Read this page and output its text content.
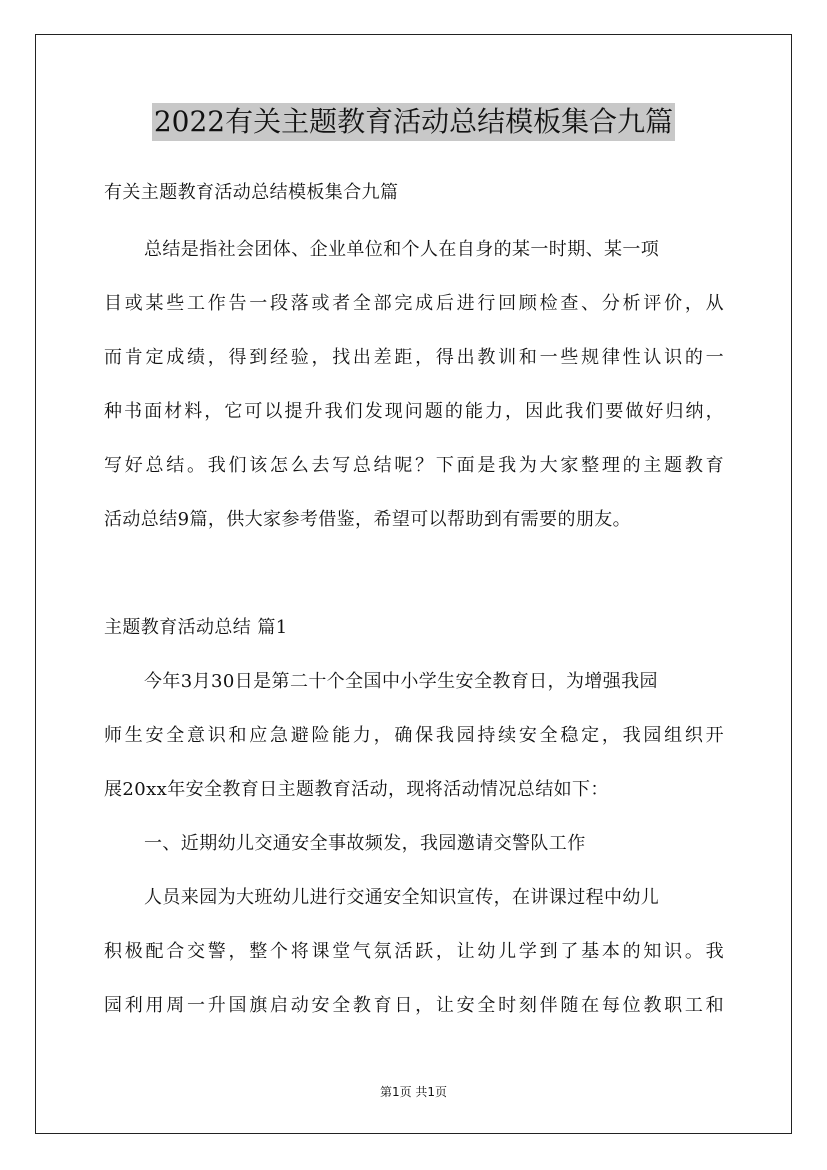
2022有关主题教育活动总结模板集合九篇
有关主题教育活动总结模板集合九篇
总结是指社会团体、企业单位和个人在自身的某一时期、某一项
目或某些工作告一段落或者全部完成后进行回顾检查、分析评价，从
而肯定成绩，得到经验，找出差距，得出教训和一些规律性认识的一
种书面材料，它可以提升我们发现问题的能力，因此我们要做好归纳，
写好总结。我们该怎么去写总结呢？下面是我为大家整理的主题教育
活动总结9篇，供大家参考借鉴，希望可以帮助到有需要的朋友。
主题教育活动总结 篇1
今年3月30日是第二十个全国中小学生安全教育日，为增强我园
师生安全意识和应急避险能力，确保我园持续安全稳定，我园组织开
展20xx年安全教育日主题教育活动，现将活动情况总结如下：
一、近期幼儿交通安全事故频发，我园邀请交警队工作
人员来园为大班幼儿进行交通安全知识宣传，在讲课过程中幼儿
积极配合交警，整个将课堂气氛活跃，让幼儿学到了基本的知识。我
园利用周一升国旗启动安全教育日，让安全时刻伴随在每位教职工和
第1页 共1页
